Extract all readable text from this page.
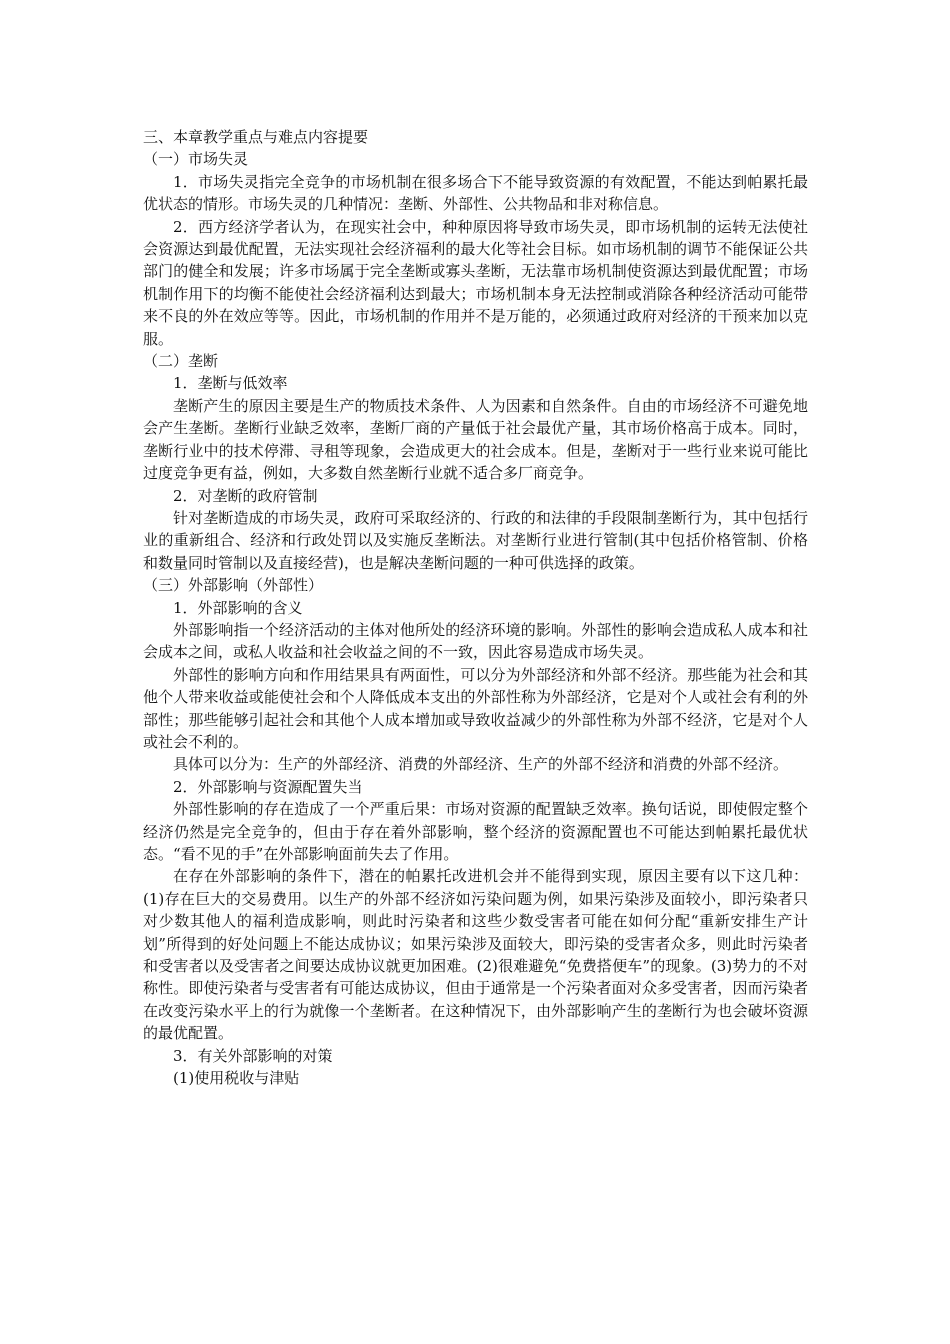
三、本章教学重点与难点内容提要

（一）市场失灵

1．市场失灵指完全竞争的市场机制在很多场合下不能导致资源的有效配置，不能达到帕累托最优状态的情形。市场失灵的几种情况：垄断、外部性、公共物品和非对称信息。

2．西方经济学者认为，在现实社会中，种种原因将导致市场失灵，即市场机制的运转无法使社会资源达到最优配置，无法实现社会经济福利的最大化等社会目标。如市场机制的调节不能保证公共部门的健全和发展；许多市场属于完全垄断或寡头垄断，无法靠市场机制使资源达到最优配置；市场机制作用下的均衡不能使社会经济福利达到最大；市场机制本身无法控制或消除各种经济活动可能带来不良的外在效应等等。因此，市场机制的作用并不是万能的，必须通过政府对经济的干预来加以克服。

（二）垄断

1．垄断与低效率

垄断产生的原因主要是生产的物质技术条件、人为因素和自然条件。自由的市场经济不可避免地会产生垄断。垄断行业缺乏效率，垄断厂商的产量低于社会最优产量，其市场价格高于成本。同时，垄断行业中的技术停滞、寻租等现象，会造成更大的社会成本。但是，垄断对于一些行业来说可能比过度竞争更有益，例如，大多数自然垄断行业就不适合多厂商竞争。

2．对垄断的政府管制

针对垄断造成的市场失灵，政府可采取经济的、行政的和法律的手段限制垄断行为，其中包括行业的重新组合、经济和行政处罚以及实施反垄断法。对垄断行业进行管制(其中包括价格管制、价格和数量同时管制以及直接经营)，也是解决垄断问题的一种可供选择的政策。

（三）外部影响（外部性）

1．外部影响的含义

外部影响指一个经济活动的主体对他所处的经济环境的影响。外部性的影响会造成私人成本和社会成本之间，或私人收益和社会收益之间的不一致，因此容易造成市场失灵。

外部性的影响方向和作用结果具有两面性，可以分为外部经济和外部不经济。那些能为社会和其他个人带来收益或能使社会和个人降低成本支出的外部性称为外部经济，它是对个人或社会有利的外部性；那些能够引起社会和其他个人成本增加或导致收益减少的外部性称为外部不经济，它是对个人或社会不利的。

具体可以分为：生产的外部经济、消费的外部经济、生产的外部不经济和消费的外部不经济。

2．外部影响与资源配置失当

外部性影响的存在造成了一个严重后果：市场对资源的配置缺乏效率。换句话说，即使假定整个经济仍然是完全竞争的，但由于存在着外部影响，整个经济的资源配置也不可能达到帕累托最优状态。“看不见的手”在外部影响面前失去了作用。

在存在外部影响的条件下，潜在的帕累托改进机会并不能得到实现，原因主要有以下这几种：(1)存在巨大的交易费用。以生产的外部不经济如污染问题为例，如果污染涉及面较小，即污染者只对少数其他人的福利造成影响，则此时污染者和这些少数受害者可能在如何分配“重新安排生产计划”所得到的好处问题上不能达成协议；如果污染涉及面较大，即污染的受害者众多，则此时污染者和受害者以及受害者之间要达成协议就更加困难。(2)很难避免“免费搭便车”的现象。(3)势力的不对称性。即使污染者与受害者有可能达成协议，但由于通常是一个污染者面对众多受害者，因而污染者在改变污染水平上的行为就像一个垄断者。在这种情况下，由外部影响产生的垄断行为也会破坏资源的最优配置。

3．有关外部影响的对策

(1)使用税收与津贴
